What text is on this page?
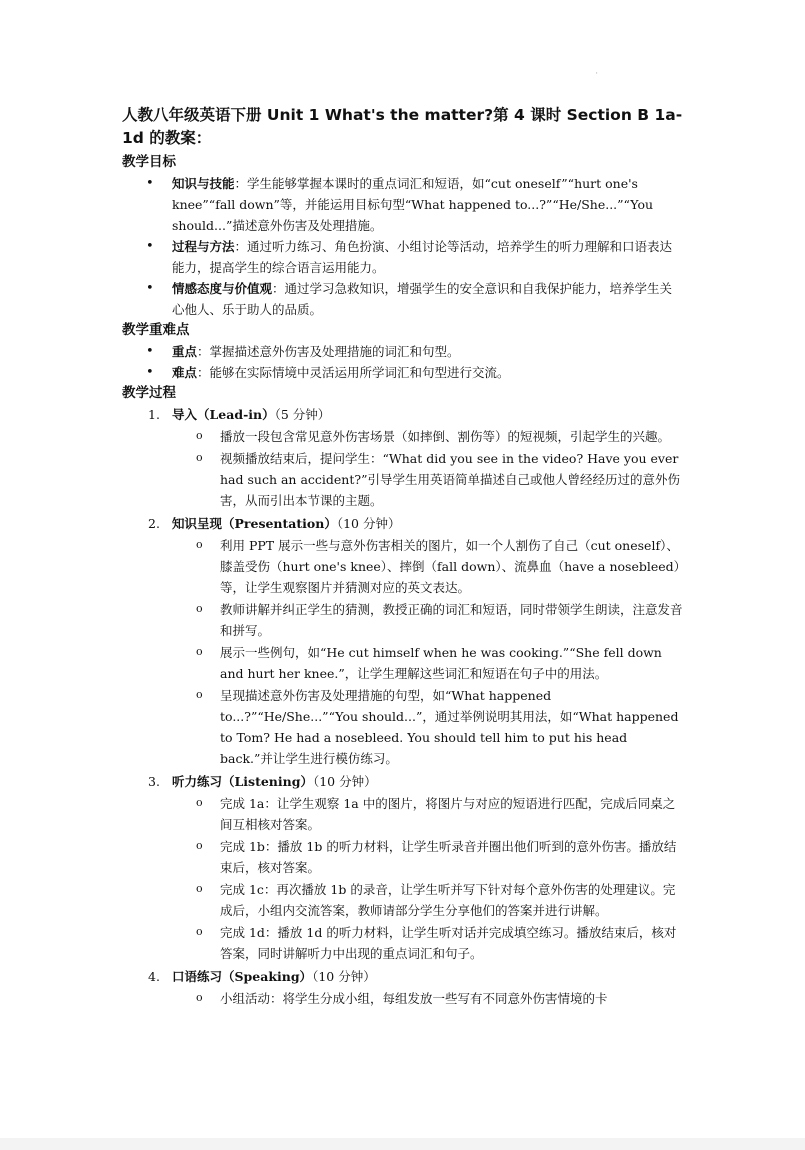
'
人教八年级英语下册 Unit 1 What's the matter?第 4 课时 Section B 1a-1d 的教案：
教学目标
• 知识与技能：学生能够掌握本课时的重点词汇和短语，如“cut oneself”“hurt one's knee”“fall down”等，并能运用目标句型“What happened to...?”“He/She...”“You should...”描述意外伤害及处理措施。
• 过程与方法：通过听力练习、角色扮演、小组讨论等活动，培养学生的听力理解和口语表达能力，提高学生的综合语言运用能力。
• 情感态度与价值观：通过学习急救知识，增强学生的安全意识和自我保护能力，培养学生关心他人、乐于助人的品质。
教学重难点
• 重点：掌握描述意外伤害及处理措施的词汇和句型。
• 难点：能够在实际情境中灵活运用所学词汇和句型进行交流。
教学过程
1. 导入（Lead-in）（5 分钟）
o 播放一段包含常见意外伤害场景（如摔倒、割伤等）的短视频，引起学生的兴趣。
o 视频播放结束后，提问学生：“What did you see in the video? Have you ever had such an accident?”引导学生用英语简单描述自己或他人曾经经历过的意外伤害，从而引出本节课的主题。
2. 知识呈现（Presentation）（10 分钟）
o 利用 PPT 展示一些与意外伤害相关的图片，如一个人割伤了自己（cut oneself）、膝盖受伤（hurt one's knee）、摔倒（fall down）、流鼻血（have a nosebleed）等，让学生观察图片并猜测对应的英文表达。
o 教师讲解并纠正学生的猜测，教授正确的词汇和短语，同时带领学生朗读，注意发音和拼写。
o 展示一些例句，如“He cut himself when he was cooking.”“She fell down and hurt her knee.”，让学生理解这些词汇和短语在句子中的用法。
o 呈现描述意外伤害及处理措施的句型，如“What happened to...?”“He/She...”“You should...”，通过举例说明其用法，如“What happened to Tom? He had a nosebleed. You should tell him to put his head back.”并让学生进行模仿练习。
3. 听力练习（Listening）（10 分钟）
o 完成 1a：让学生观察 1a 中的图片，将图片与对应的短语进行匹配，完成后同桌之间互相核对答案。
o 完成 1b：播放 1b 的听力材料，让学生听录音并圈出他们听到的意外伤害。播放结束后，核对答案。
o 完成 1c：再次播放 1b 的录音，让学生听并写下针对每个意外伤害的处理建议。完成后，小组内交流答案，教师请部分学生分享他们的答案并进行讲解。
o 完成 1d：播放 1d 的听力材料，让学生听对话并完成填空练习。播放结束后，核对答案，同时讲解听力中出现的重点词汇和句子。
4. 口语练习（Speaking）（10 分钟）
o 小组活动：将学生分成小组，每组发放一些写有不同意外伤害情境的卡
